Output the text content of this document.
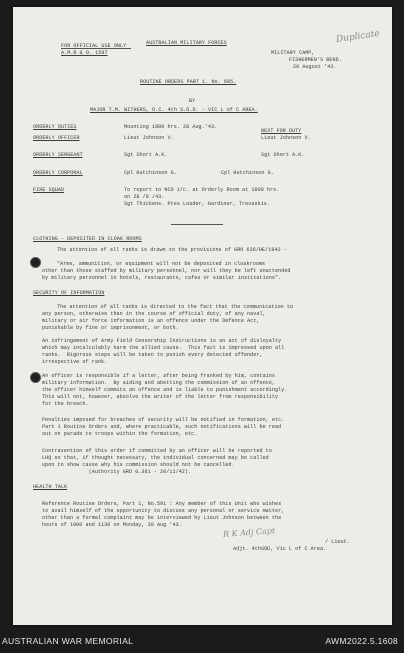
FOR OFFICIAL USE ONLY
A.M.R & O. 1597
AUSTRALIAN MILITARY FORCES
MILITARY CAMP,
FISHERMEN'S BEND.
28 August '43.
Duplicate
ROUTINE ORDERS PART 1. No. 605.
BY
MAJOR T.M. WITHERS, O.C. 4th S.O.D. - VIC L of C AREA.
ORDERLY DUTIES	Mounting 1800 hrs. 28 Aug.'43.
NEXT FOR DUTY
ORDERLY OFFICER	Lieut Johnson V.	Lieut Johnson V.
ORDERLY SERGEANT	Sgt Short A.K.	Sgt Short A.K.
ORDERLY CORPORAL	Cpl Hutchinson G.	Cpl Hutchinson G.
FIRE SQUAD	To report to NCO i/c. at Orderly Room at 1800 hrs.
on 28 /8 /43.
Sgt Thickens. Ptes Loader, Gardiner, Trevaskis.
CLOTHING - DEPOSITED IN CLOAK ROOMS
The attention of all ranks is drawn to the provisions of GRO 636/HE/1942 -
"Arms, ammunition, or equipment will not be deposited in cloakrooms
other than those staffed by military personnel, nor will they be left unattended
by military personnel in hotels, restaurants, cafes or similar institutions".
SECURITY OF INFORMATION
The attention of all ranks is directed to the fact that the communication to
any person, otherwise than in the course of official duty, of any naval,
military or air force information is an offence under the Defence Act,
punishable by fine or imprisonment, or both.
An infringement of Army Field Censorship Instructions is an act of disloyalty
which may incalculably harm the allied cause.  This fact is impressed upon all
ranks.  Rigorous steps will be taken to punish every detected offender,
irrespective of rank.
An officer is responsible if a letter, after being franked by him, contains
military information.  By aiding and abetting the commission of an offence,
the officer himself commits an offence and is liable to punishment accordingly.
This will not, however, absolve the writer of the letter from responsibility
for the breach.
Penalties imposed for breaches of security will be notified in formation, etc.
Part 1 Routine Orders and, where practicable, such notifications will be read
out on parade to troops within the formation, etc.
Contravention of this order if committed by an officer will be reported to
LHQ so that, if thought necessary, the individual concerned may be called
upon to show cause why his commission should not be cancelled.
(Authority GRO G.361 - 20/11/42).
HEALTH TALK
Reference Routine Orders, Part 1, No.591 : Any member of this Unit who wishes
to avail himself of the opportunity to discuss any personal or service matter,
other than a formal complaint may be interviewed by Lieut Johnson between the
hours of 1000 and 1130 on Monday, 30 Aug '43.
R K Adj Capt
/ Lieut.
Adjt. 4thSOD, Vic L of C Area.
AUSTRALIAN WAR MEMORIAL	AWM2022.5.1608
